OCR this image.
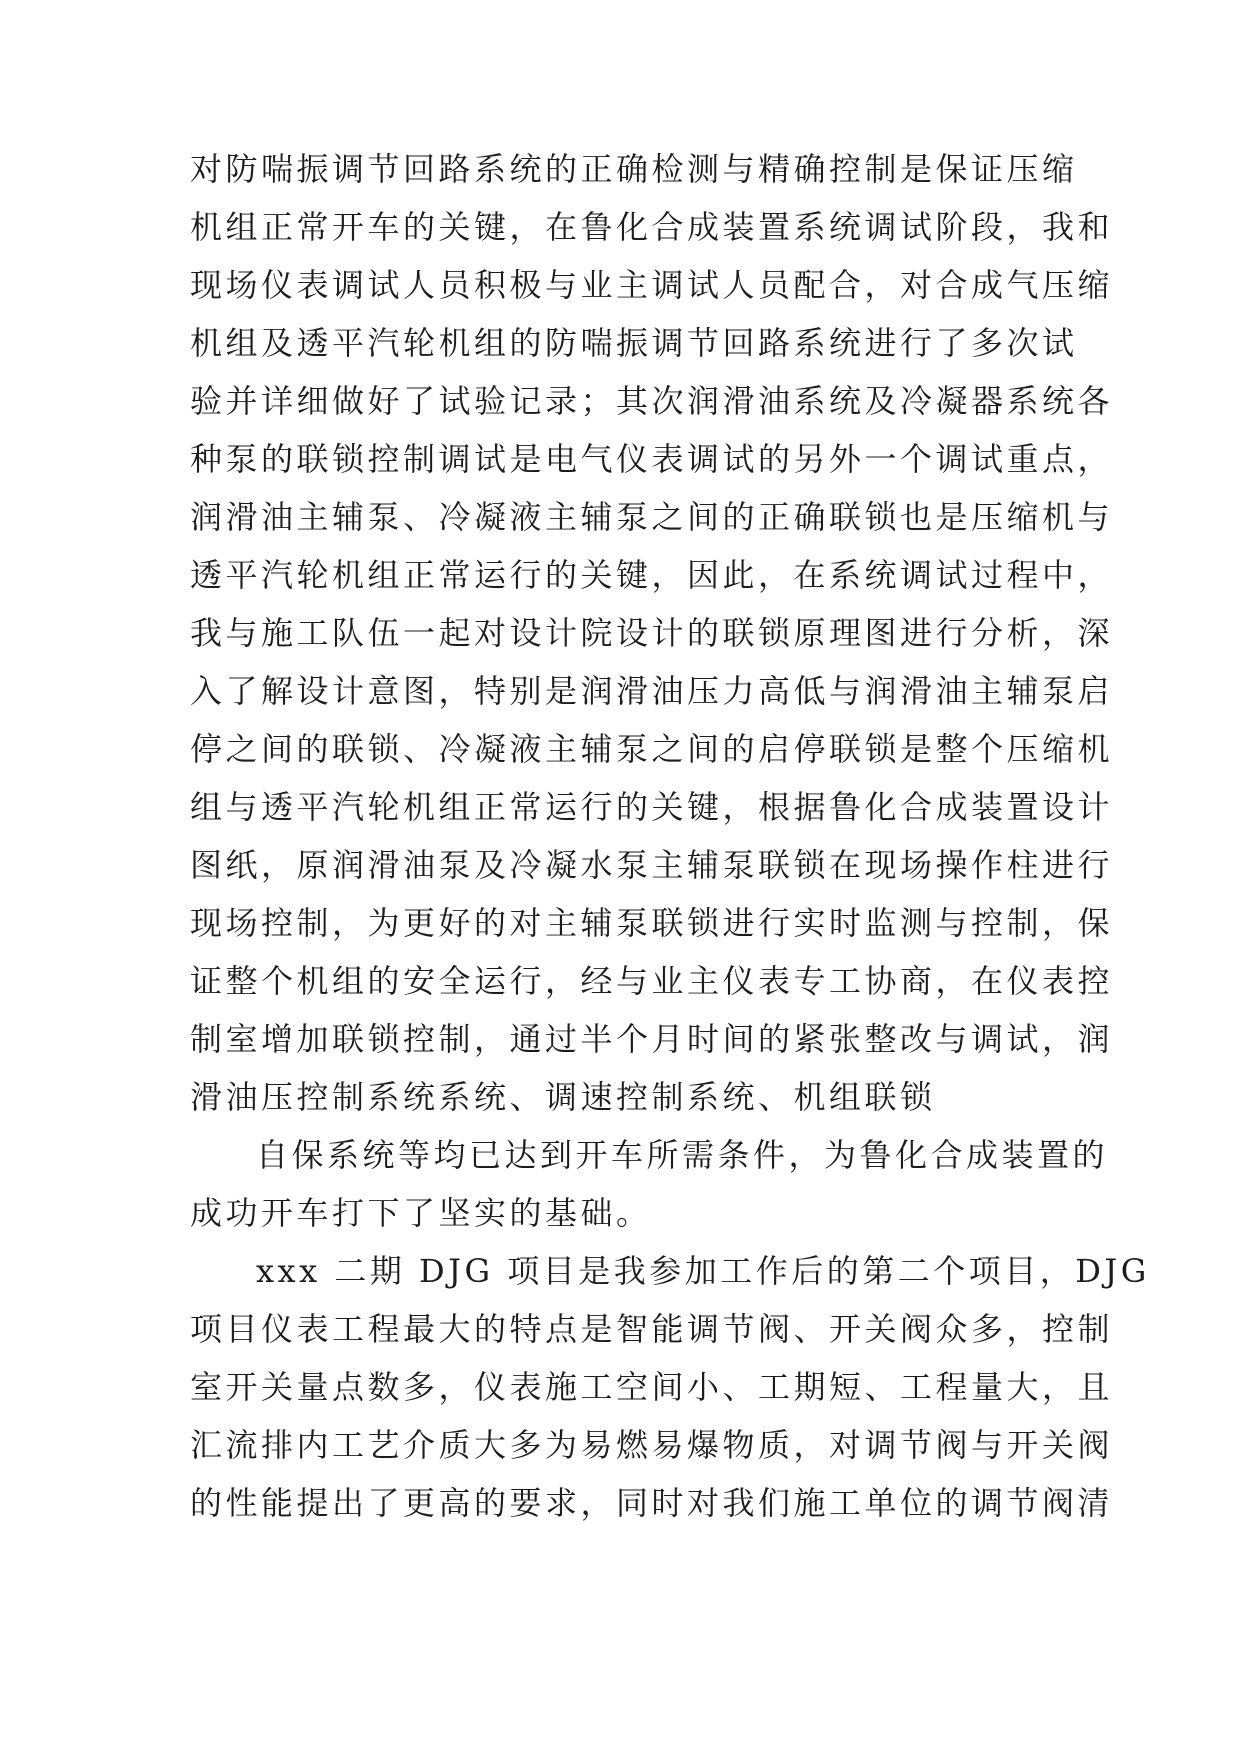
对防喘振调节回路系统的正确检测与精确控制是保证压缩
机组正常开车的关键，在鲁化合成装置系统调试阶段，我和
现场仪表调试人员积极与业主调试人员配合，对合成气压缩
机组及透平汽轮机组的防喘振调节回路系统进行了多次试
验并详细做好了试验记录；其次润滑油系统及冷凝器系统各
种泵的联锁控制调试是电气仪表调试的另外一个调试重点，
润滑油主辅泵、冷凝液主辅泵之间的正确联锁也是压缩机与
透平汽轮机组正常运行的关键，因此，在系统调试过程中，
我与施工队伍一起对设计院设计的联锁原理图进行分析，深
入了解设计意图，特别是润滑油压力高低与润滑油主辅泵启
停之间的联锁、冷凝液主辅泵之间的启停联锁是整个压缩机
组与透平汽轮机组正常运行的关键，根据鲁化合成装置设计
图纸，原润滑油泵及冷凝水泵主辅泵联锁在现场操作柱进行
现场控制，为更好的对主辅泵联锁进行实时监测与控制，保
证整个机组的安全运行，经与业主仪表专工协商，在仪表控
制室增加联锁控制，通过半个月时间的紧张整改与调试，润
滑油压控制系统系统、调速控制系统、机组联锁
自保系统等均已达到开车所需条件，为鲁化合成装置的
成功开车打下了坚实的基础。
xxx 二期 DJG 项目是我参加工作后的第二个项目，DJG
项目仪表工程最大的特点是智能调节阀、开关阀众多，控制
室开关量点数多，仪表施工空间小、工期短、工程量大，且
汇流排内工艺介质大多为易燃易爆物质，对调节阀与开关阀
的性能提出了更高的要求，同时对我们施工单位的调节阀清
